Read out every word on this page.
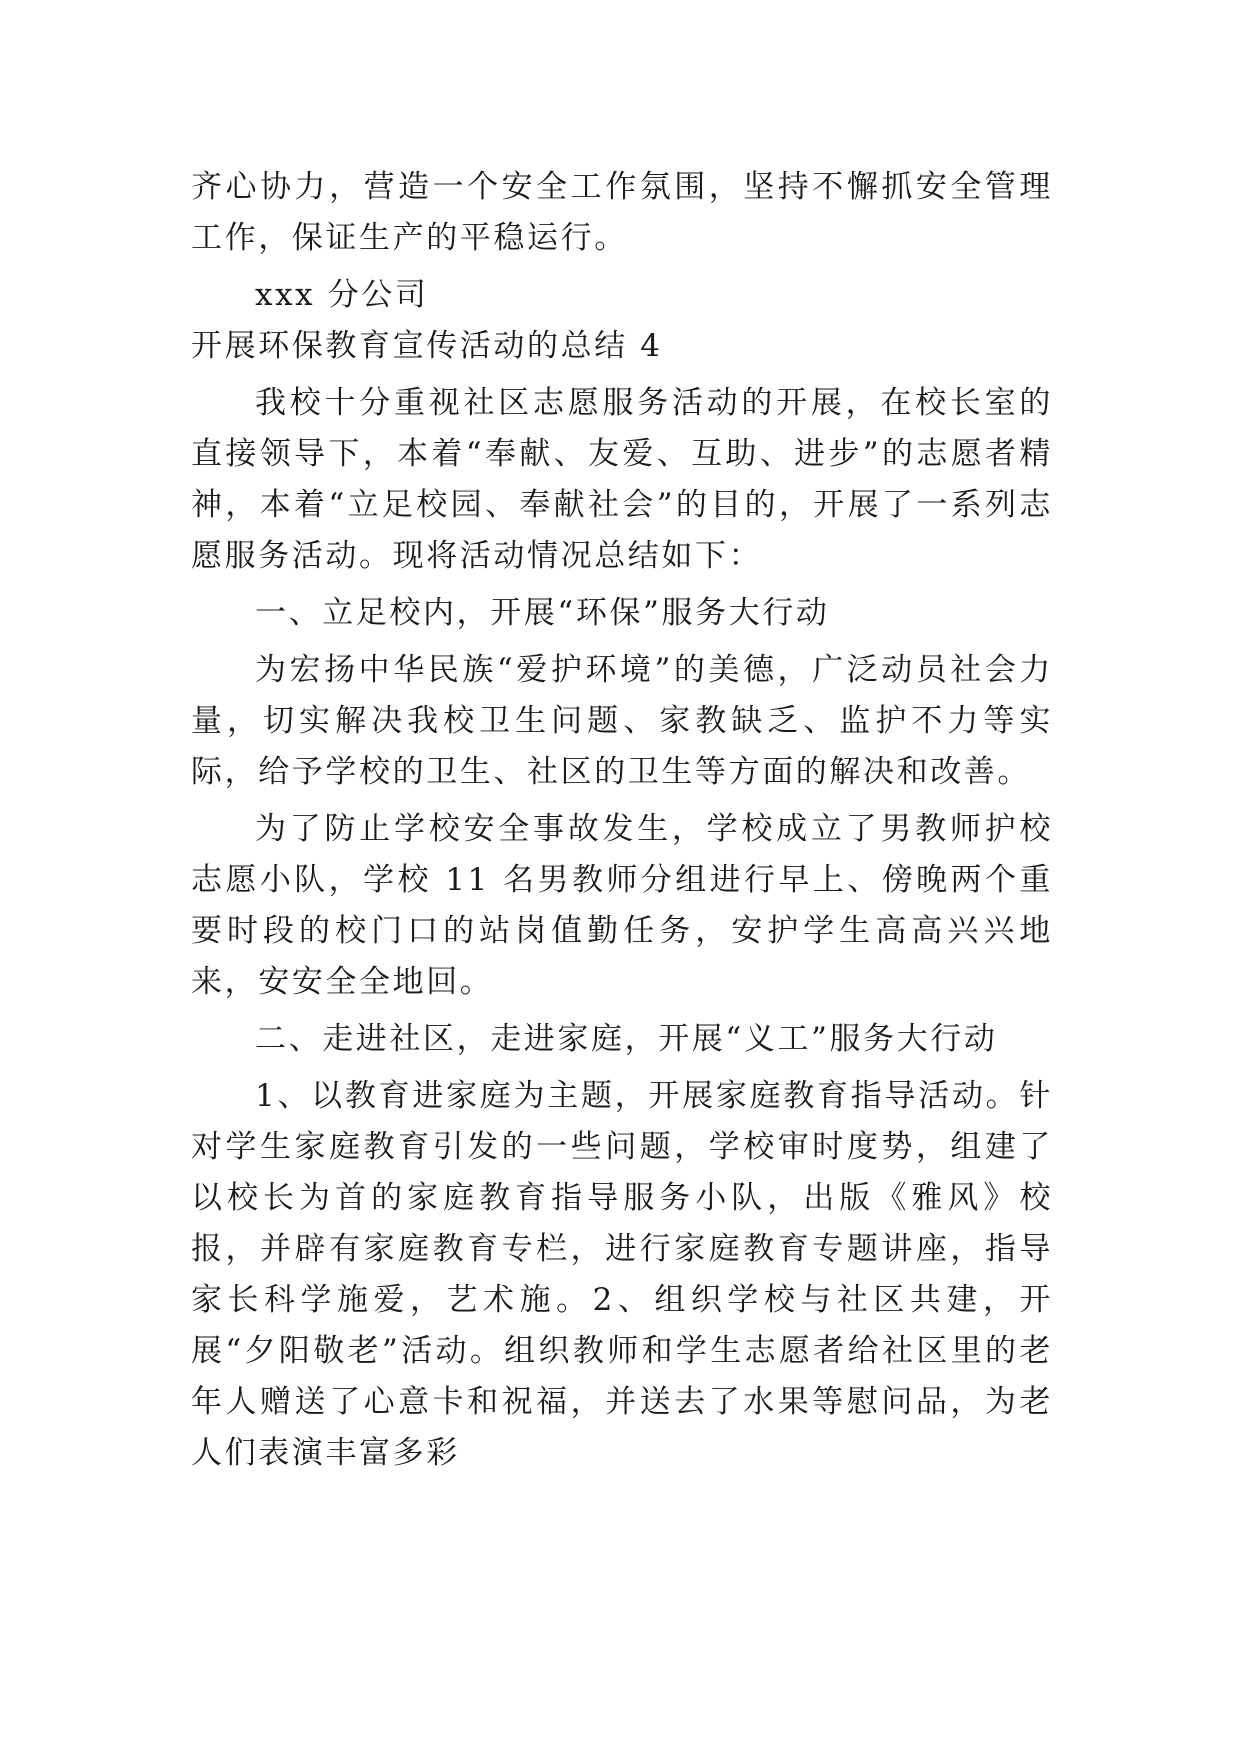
齐心协力，营造一个安全工作氛围，坚持不懈抓安全管理工作，保证生产的平稳运行。

xxx 分公司

开展环保教育宣传活动的总结 4

我校十分重视社区志愿服务活动的开展，在校长室的直接领导下，本着“奉献、友爱、互助、进步”的志愿者精神，本着“立足校园、奉献社会”的目的，开展了一系列志愿服务活动。现将活动情况总结如下：

一、立足校内，开展“环保”服务大行动

为宏扬中华民族“爱护环境”的美德，广泛动员社会力量，切实解决我校卫生问题、家教缺乏、监护不力等实际，给予学校的卫生、社区的卫生等方面的解决和改善。

为了防止学校安全事故发生，学校成立了男教师护校志愿小队，学校 11 名男教师分组进行早上、傍晚两个重要时段的校门口的站岗值勤任务，安护学生高高兴兴地来，安安全全地回。

二、走进社区，走进家庭，开展“义工”服务大行动

1、以教育进家庭为主题，开展家庭教育指导活动。针对学生家庭教育引发的一些问题，学校审时度势，组建了以校长为首的家庭教育指导服务小队，出版《雅风》校报，并辟有家庭教育专栏，进行家庭教育专题讲座，指导家长科学施爱，艺术施。2、组织学校与社区共建，开展“夕阳敬老”活动。组织教师和学生志愿者给社区里的老年人赠送了心意卡和祝福，并送去了水果等慰问品，为老人们表演丰富多彩
